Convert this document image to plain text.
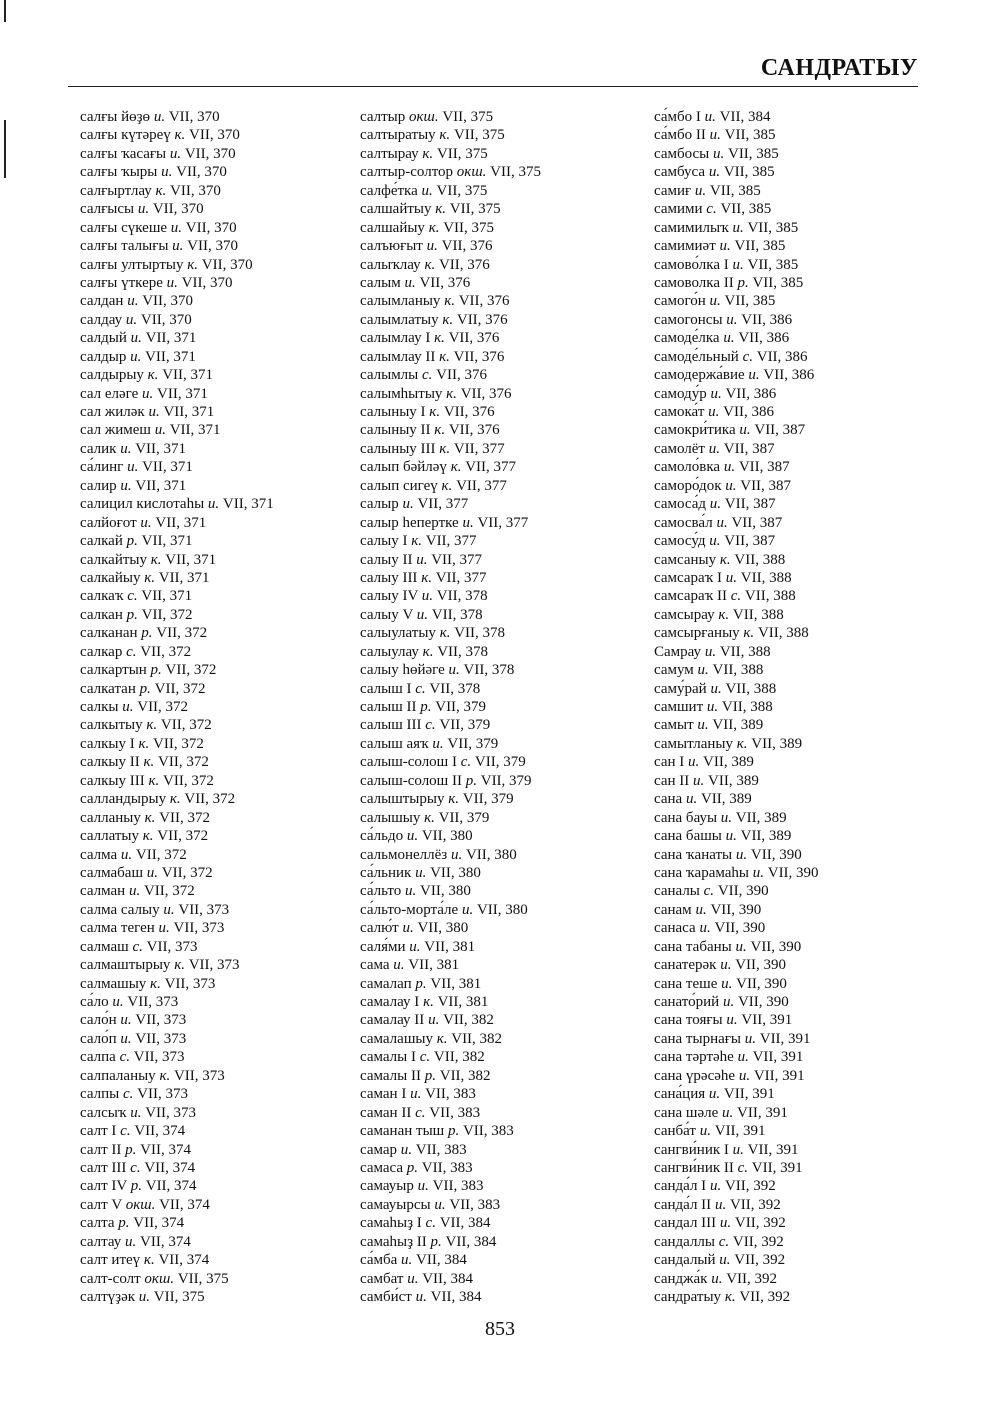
САНДРАТЫУ
салғы йөҙө и. VII, 370
салғы күтәреү к. VII, 370
салғы ҡасағы и. VII, 370
салғы ҡыры и. VII, 370
салғыртлау к. VII, 370
салғысы и. VII, 370
салғы сүкеше и. VII, 370
салғы талығы и. VII, 370
салғы ултыртыу к. VII, 370
салғы үткере и. VII, 370
салдан и. VII, 370
салдау и. VII, 370
салдый и. VII, 371
салдыр и. VII, 371
салдырыу к. VII, 371
сал еләге и. VII, 371
сал жиләк и. VII, 371
сал жимеш и. VII, 371
салик и. VII, 371
са́линг и. VII, 371
салир и. VII, 371
салицил кислотаһы и. VII, 371
салйоғот и. VII, 371
салкай р. VII, 371
салкайтыу к. VII, 371
салкайыу к. VII, 371
салкаҡ с. VII, 371
салкан р. VII, 372
салканан р. VII, 372
салкар с. VII, 372
салкартын р. VII, 372
салкатан р. VII, 372
салкы и. VII, 372
салкытыу к. VII, 372
салкыу I к. VII, 372
салкыу II к. VII, 372
салкыу III к. VII, 372
салландырыу к. VII, 372
салланыу к. VII, 372
саллатыу к. VII, 372
салма и. VII, 372
салмабаш и. VII, 372
салман и. VII, 372
салма салыу и. VII, 373
салма теген и. VII, 373
салмаш с. VII, 373
салмаштырыу к. VII, 373
салмашыу к. VII, 373
са́ло и. VII, 373
сало́н и. VII, 373
сало́п и. VII, 373
салпа с. VII, 373
салпаланыу к. VII, 373
салпы с. VII, 373
салсыҡ и. VII, 373
салт I с. VII, 374
салт II р. VII, 374
салт III с. VII, 374
салт IV р. VII, 374
салт V окш. VII, 374
салта р. VII, 374
салтау и. VII, 374
салт итеү к. VII, 374
салт-солт окш. VII, 375
салтүҙәк и. VII, 375
салтыр окш. VII, 375
салтыратыу к. VII, 375
салтырау к. VII, 375
салтыр-солтор окш. VII, 375
салфе́тка и. VII, 375
салшайтыу к. VII, 375
салшайыу к. VII, 375
салъюғыт и. VII, 376
салыҡлау к. VII, 376
салым и. VII, 376
салымланыу к. VII, 376
салымлатыу к. VII, 376
салымлау I к. VII, 376
салымлау II к. VII, 376
салымлы с. VII, 376
салымһытыу к. VII, 376
салыныу I к. VII, 376
салыныу II к. VII, 376
салыныу III к. VII, 377
салып бәйләү к. VII, 377
салып сигеү к. VII, 377
салыр и. VII, 377
салыр һепертке и. VII, 377
салыу I к. VII, 377
салыу II и. VII, 377
салыу III к. VII, 377
салыу IV и. VII, 378
салыу V и. VII, 378
салыулатыу к. VII, 378
салыулау к. VII, 378
салыу һөйәге и. VII, 378
салыш I с. VII, 378
салыш II р. VII, 379
салыш III с. VII, 379
салыш аяҡ и. VII, 379
салыш-солош I с. VII, 379
салыш-солош II р. VII, 379
салыштырыу к. VII, 379
салышыу к. VII, 379
са́льдо и. VII, 380
сальмонеллёз и. VII, 380
са́льник и. VII, 380
са́льто и. VII, 380
са́льто-морта́ле и. VII, 380
салю́т и. VII, 380
саля́ми и. VII, 381
сама и. VII, 381
самалап р. VII, 381
самалау I к. VII, 381
самалау II и. VII, 382
самалашыу к. VII, 382
самалы I с. VII, 382
самалы II р. VII, 382
саман I и. VII, 383
саман II с. VII, 383
саманан тыш р. VII, 383
самар и. VII, 383
самаса р. VII, 383
самауыр и. VII, 383
самауырсы и. VII, 383
самаһыҙ I с. VII, 384
самаһыҙ II р. VII, 384
са́мба и. VII, 384
самбат и. VII, 384
самби́ст и. VII, 384
са́мбо I и. VII, 384
са́мбо II и. VII, 385
самбосы и. VII, 385
самбуса и. VII, 385
самиғ и. VII, 385
самими с. VII, 385
самимилыҡ и. VII, 385
самимиәт и. VII, 385
самово́лка I и. VII, 385
самоволка II р. VII, 385
самого́н и. VII, 385
самогонсы и. VII, 386
самоде́лка и. VII, 386
самоде́льный с. VII, 386
самодержа́вие и. VII, 386
самоду́р и. VII, 386
самока́т и. VII, 386
самокри́тика и. VII, 387
самолёт и. VII, 387
самоло́вка и. VII, 387
самоpо́док и. VII, 387
самоса́д и. VII, 387
самосва́л и. VII, 387
самосу́д и. VII, 387
самсаныу к. VII, 388
самсараҡ I и. VII, 388
самсараҡ II с. VII, 388
самсырау к. VII, 388
самсырғаныу к. VII, 388
Самрау и. VII, 388
самум и. VII, 388
саму́рай и. VII, 388
самшит и. VII, 388
самыт и. VII, 389
самытланыу к. VII, 389
сан I и. VII, 389
сан II и. VII, 389
сана и. VII, 389
сана бауы и. VII, 389
сана башы и. VII, 389
сана ҡанаты и. VII, 390
сана ҡарамаһы и. VII, 390
саналы с. VII, 390
санам и. VII, 390
санаса и. VII, 390
сана табаны и. VII, 390
санатерәк и. VII, 390
сана теше и. VII, 390
санато́рий и. VII, 390
сана тояғы и. VII, 391
сана тырнағы и. VII, 391
сана тәртәһе и. VII, 391
сана үрәсәһе и. VII, 391
сана́ция и. VII, 391
сана шәле и. VII, 391
санба́т и. VII, 391
сангви́ник I и. VII, 391
сангви́ник II с. VII, 391
санда́л I и. VII, 392
санда́л II и. VII, 392
сандал III и. VII, 392
сандаллы с. VII, 392
сандалый и. VII, 392
санджа́к и. VII, 392
сандратыу к. VII, 392
853
